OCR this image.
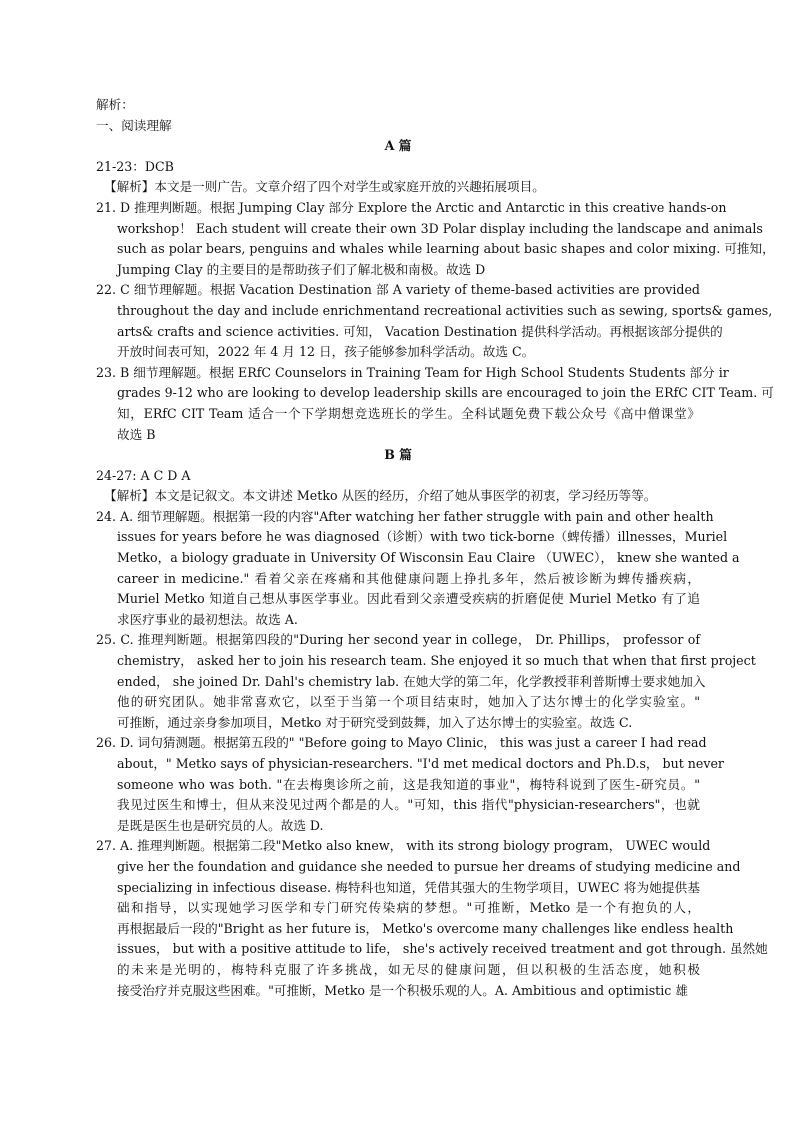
解析：
一、阅读理解
A 篇
21-23：DCB
【解析】本文是一则广告。文章介绍了四个对学生或家庭开放的兴趣拓展项目。
21. D 推理判断题。根据 Jumping Clay 部分 Explore the Arctic and Antarctic in this creative hands-on
workshop！ Each student will create their own 3D Polar display including the landscape and animals
such as polar bears, penguins and whales while learning about basic shapes and color mixing. 可推知，
Jumping Clay 的主要目的是帮助孩子们了解北极和南极。故选 D
22. C 细节理解题。根据 Vacation Destination 部 A variety of theme-based activities are provided
throughout the day and include enrichmentand recreational activities such as sewing, sports& games,
arts& crafts and science activities. 可知， Vacation Destination 提供科学活动。再根据该部分提供的
开放时间表可知，2022 年 4 月 12 日，孩子能够参加科学活动。故选 C。
23. B 细节理解题。根据 ERfC Counselors in Training Team for High School Students Students 部分 ir
grades 9-12 who are looking to develop leadership skills are encouraged to join the ERfC CIT Team. 可
知，ERfC CIT Team 适合一个下学期想竞选班长的学生。全科试题免费下载公众号《高中僧课堂》
故选 B
B 篇
24-27: A C D A
【解析】本文是记叙文。本文讲述 Metko 从医的经历，介绍了她从事医学的初衷，学习经历等等。
24. A. 细节理解题。根据第一段的内容"After watching her father struggle with pain and other health
issues for years before he was diagnosed（诊断）with two tick-borne（蜱传播）illnesses，Muriel
Metko，a biology graduate in University Of Wisconsin Eau Claire （UWEC）， knew she wanted a
career in medicine." 看着父亲在疼痛和其他健康问题上挣扎多年，然后被诊断为蜱传播疾病，
Muriel Metko 知道自己想从事医学事业。因此看到父亲遭受疾病的折磨促使 Muriel Metko 有了追
求医疗事业的最初想法。故选 A.
25. C. 推理判断题。根据第四段的"During her second year in college， Dr. Phillips， professor of
chemistry， asked her to join his research team. She enjoyed it so much that when that first project
ended， she joined Dr. Dahl's chemistry lab. 在她大学的第二年，化学教授菲利普斯博士要求她加入
他的研究团队。她非常喜欢它，以至于当第一个项目结束时，她加入了达尔博士的化学实验室。"
可推断，通过亲身参加项目，Metko 对于研究受到鼓舞，加入了达尔博士的实验室。故选 C.
26. D. 词句猜测题。根据第五段的" "Before going to Mayo Clinic， this was just a career I had read
about，" Metko says of physician-researchers. "I'd met medical doctors and Ph.D.s， but never
someone who was both. "在去梅奥诊所之前，这是我知道的事业"，梅特科说到了医生-研究员。"
我见过医生和博士，但从来没见过两个都是的人。"可知，this 指代"physician-researchers"，也就
是既是医生也是研究员的人。故选 D.
27. A. 推理判断题。根据第二段"Metko also knew， with its strong biology program， UWEC would
give her the foundation and guidance she needed to pursue her dreams of studying medicine and
specializing in infectious disease. 梅特科也知道，凭借其强大的生物学项目，UWEC 将为她提供基
础和指导，以实现她学习医学和专门研究传染病的梦想。"可推断，Metko 是一个有抱负的人，
再根据最后一段的"Bright as her future is， Metko's overcome many challenges like endless health
issues， but with a positive attitude to life， she's actively received treatment and got through. 虽然她
的未来是光明的，梅特科克服了许多挑战，如无尽的健康问题，但以积极的生活态度，她积极
接受治疗并克服这些困难。"可推断，Metko 是一个积极乐观的人。A. Ambitious and optimistic 雄
